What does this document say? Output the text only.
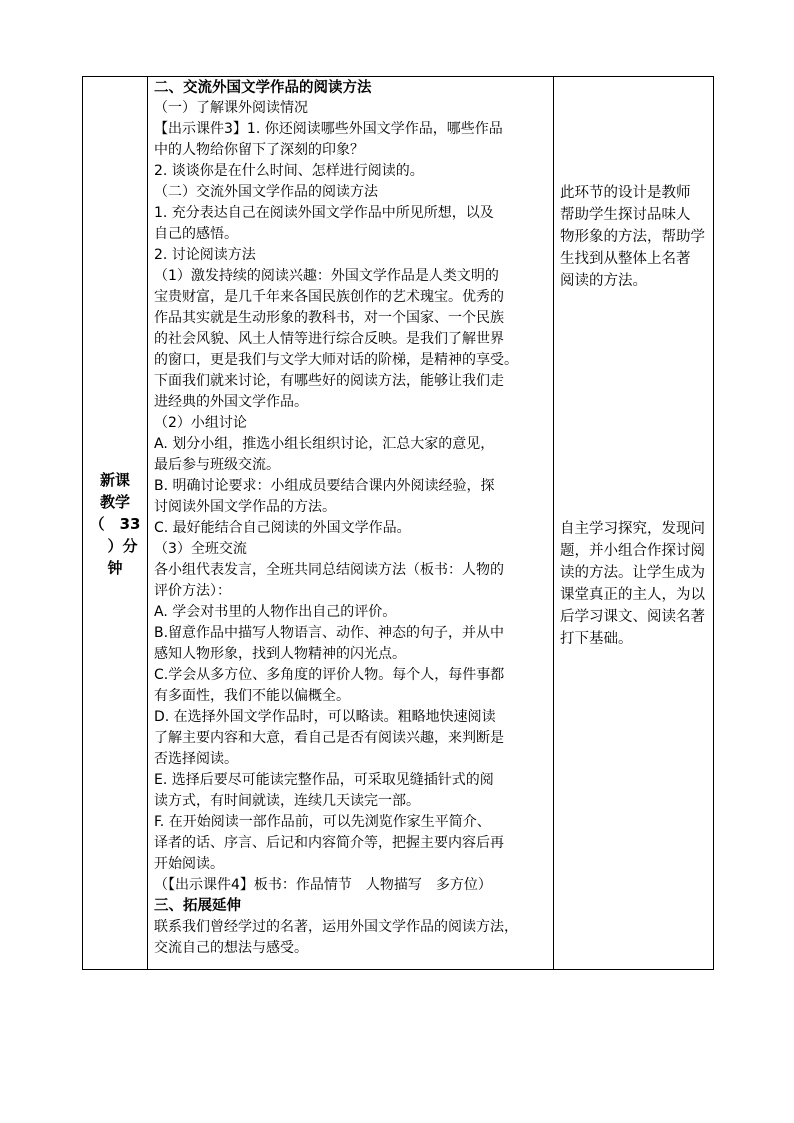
新课
教学

（　33
　）分
钟

二、交流外国文学作品的阅读方法
（一）了解课外阅读情况
【出示课件3】1. 你还阅读哪些外国文学作品，哪些作品
中的人物给你留下了深刻的印象？
2. 谈谈你是在什么时间、怎样进行阅读的。
（二）交流外国文学作品的阅读方法
1. 充分表达自己在阅读外国文学作品中所见所想，以及
自己的感悟。
2. 讨论阅读方法
（1）激发持续的阅读兴趣：外国文学作品是人类文明的
宝贵财富，是几千年来各国民族创作的艺术瑰宝。优秀的
作品其实就是生动形象的教科书，对一个国家、一个民族
的社会风貌、风土人情等进行综合反映。是我们了解世界
的窗口，更是我们与文学大师对话的阶梯，是精神的享受。
下面我们就来讨论，有哪些好的阅读方法，能够让我们走
进经典的外国文学作品。
（2）小组讨论
A. 划分小组，推选小组长组织讨论，汇总大家的意见，
最后参与班级交流。
B. 明确讨论要求：小组成员要结合课内外阅读经验，探
讨阅读外国文学作品的方法。
C. 最好能结合自己阅读的外国文学作品。
（3）全班交流
各小组代表发言，全班共同总结阅读方法（板书：人物的
评价方法）：
A. 学会对书里的人物作出自己的评价。
B.留意作品中描写人物语言、动作、神态的句子，并从中
感知人物形象，找到人物精神的闪光点。
C.学会从多方位、多角度的评价人物。每个人，每件事都
有多面性，我们不能以偏概全。
D. 在选择外国文学作品时，可以略读。粗略地快速阅读
了解主要内容和大意，看自己是否有阅读兴趣，来判断是
否选择阅读。
E. 选择后要尽可能读完整作品，可采取见缝插针式的阅
读方式，有时间就读，连续几天读完一部。
F. 在开始阅读一部作品前，可以先浏览作家生平简介、
译者的话、序言、后记和内容简介等，把握主要内容后再
开始阅读。
（【出示课件4】板书：作品情节　人物描写　多方位）
三、拓展延伸
联系我们曾经学过的名著，运用外国文学作品的阅读方法，
交流自己的想法与感受。

此环节的设计是教师
帮助学生探讨品味人
物形象的方法，帮助学
生找到从整体上名著
阅读的方法。
自主学习探究，发现问
题，并小组合作探讨阅
读的方法。让学生成为
课堂真正的主人，为以
后学习课文、阅读名著
打下基础。
